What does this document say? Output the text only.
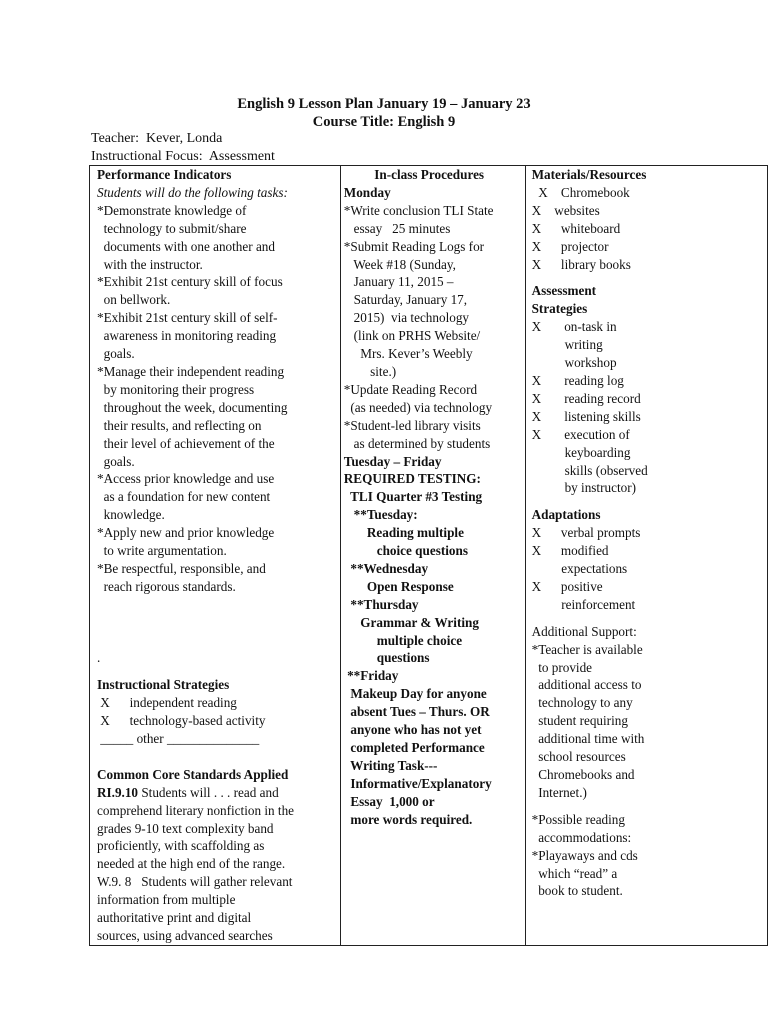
English 9 Lesson Plan January 19 – January 23
Course Title: English 9
Teacher:  Kever, Londa
Instructional Focus:  Assessment
Performance Indicators
Students will do the following tasks:
*Demonstrate knowledge of
technology to submit/share
documents with one another and
with the instructor.
*Exhibit 21st century skill of focus
on bellwork.
*Exhibit 21st century skill of self-
awareness in monitoring reading
goals.
*Manage their independent reading
by monitoring their progress
throughout the week, documenting
their results, and reflecting on
their level of achievement of the
goals.
*Access prior knowledge and use
as a foundation for new content
knowledge.
*Apply new and prior knowledge
to write argumentation.
*Be respectful, responsible, and
reach rigorous standards.
.
Instructional Strategies
X      independent reading
X      technology-based activity
_____ other ______________
Common Core Standards Applied
RI.9.10 Students will . . . read and
comprehend literary nonfiction in the
grades 9-10 text complexity band
proficiently, with scaffolding as
needed at the high end of the range.
W.9. 8   Students will gather relevant
information from multiple
authoritative print and digital
sources, using advanced searches

In-class Procedures
Monday
*Write conclusion TLI State
essay   25 minutes
*Submit Reading Logs for
Week #18 (Sunday,
January 11, 2015 –
Saturday, January 17,
2015)  via technology
(link on PRHS Website/
Mrs. Kever’s Weebly
site.)
*Update Reading Record
(as needed) via technology
*Student-led library visits
as determined by students
Tuesday – Friday
REQUIRED TESTING:
TLI Quarter #3 Testing
**Tuesday:
Reading multiple
choice questions
**Wednesday
Open Response
**Thursday
Grammar & Writing
multiple choice
questions
**Friday
Makeup Day for anyone
absent Tues – Thurs. OR
anyone who has not yet
completed Performance
Writing Task---
Informative/Explanatory
Essay  1,000 or
more words required.

Materials/Resources
X    Chromebook
X    websites
X      whiteboard
X      projector
X      library books
Assessment
Strategies
X       on-task in
writing
workshop
X       reading log
X       reading record
X       listening skills
X       execution of
keyboarding
skills (observed
by instructor)
Adaptations
X      verbal prompts
X      modified
expectations
X      positive
reinforcement
Additional Support:
*Teacher is available
to provide
additional access to
technology to any
student requiring
additional time with
school resources
Chromebooks and
Internet.)
*Possible reading
accommodations:
*Playaways and cds
which “read” a
book to student.
